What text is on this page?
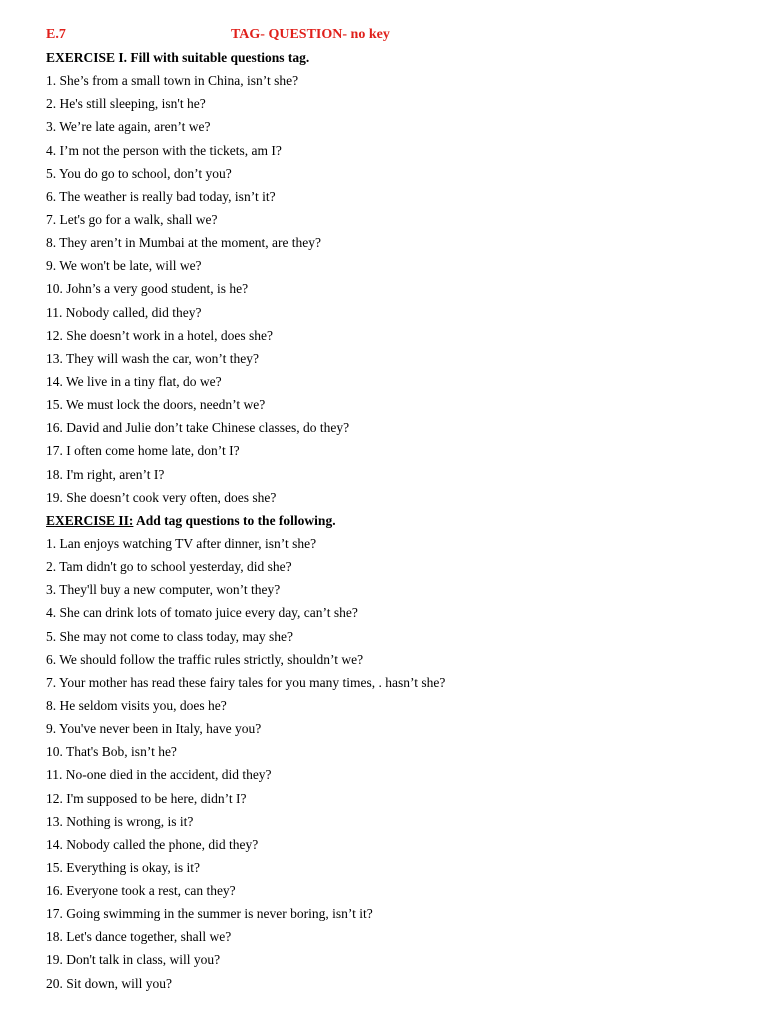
E.7	TAG- QUESTION- no key
EXERCISE I. Fill with suitable questions tag.
1. She’s from a small town in China, isn’t she?
2. He's still sleeping, isn't he?
3. We’re late again, aren’t we?
4. I’m not the person with the tickets, am I?
5. You do go to school, don’t you?
6. The weather is really bad today, isn’t it?
7. Let's go for a walk, shall we?
8. They aren’t in Mumbai at the moment, are they?
9. We won't be late, will we?
10. John’s a very good student, is he?
11. Nobody called, did they?
12. She doesn’t work in a hotel, does she?
13. They will wash the car, won’t they?
14. We live in a tiny flat, do we?
15. We must lock the doors, needn’t we?
16. David and Julie don’t take Chinese classes, do they?
17. I often come home late, don’t I?
18. I'm right, aren’t I?
19. She doesn’t cook very often, does she?
EXERCISE II: Add tag questions to the following.
1. Lan enjoys watching TV after dinner, isn’t she?
2. Tam didn't go to school yesterday, did she?
3. They'll buy a new computer, won’t they?
4. She can drink lots of tomato juice every day, can’t she?
5. She may not come to class today, may she?
6. We should follow the traffic rules strictly, shouldn’t we?
7. Your mother has read these fairy tales for you many times, . hasn’t she?
8. He seldom visits you, does he?
9. You've never been in Italy, have you?
10. That's Bob, isn’t he?
11. No-one died in the accident, did they?
12. I'm supposed to be here, didn’t I?
13. Nothing is wrong, is it?
14. Nobody called the phone, did they?
15. Everything is okay, is it?
16. Everyone took a rest, can they?
17. Going swimming in the summer is never boring, isn’t it?
18. Let's dance together, shall we?
19. Don't talk in class, will you?
20. Sit down, will you?
